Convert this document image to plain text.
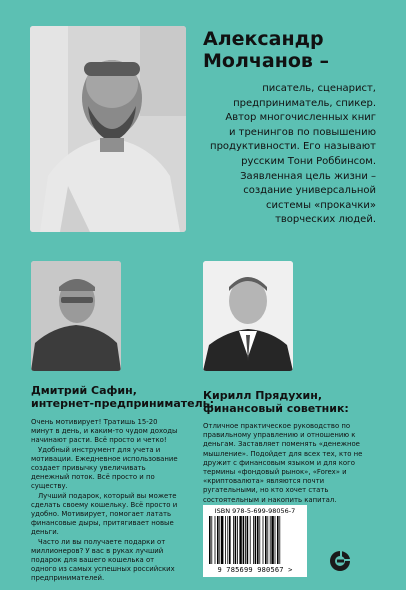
Александр
Молчанов –

писатель, сценарист,
предприниматель, спикер.
Автор многочисленных книг
и тренингов по повышению
продуктивности. Его называют
русским Тони Роббинсом.
Заявленная цель жизни –
создание универсальной
системы «прокачки»
творческих людей.

Дмитрий Сафин,
интернет-предприниматель:

Очень мотивирует! Тратишь 15-20 минут в день, и каким-то чудом доходы начинают расти. Всё просто и четко!

Удобный инструмент для учета и мотивации. Ежедневное использование создает привычку увеличивать денежный поток. Всё просто и по существу.

Лучший подарок, который вы можете сделать своему кошельку. Всё просто и удобно. Мотивирует, помогает латать финансовые дыры, притягивает новые деньги.

Часто ли вы получаете подарки от миллионеров? У вас в руках лучший подарок для вашего кошелька от одного из самых успешных российских предпринимателей.

Кирилл Прядухин,
финансовый советник:

Отличное практическое руководство по правильному управлению и отношению к деньгам. Заставляет поменять «денежное мышление». Подойдет для всех тех, кто не дружит с финансовым языком и для кого термины «фондовый рынок», «Forex» и «криптовалюта» являются почти ругательными, но кто хочет стать состоятельным и накопить капитал.

ISBN 978-5-699-98056-7
9 785699 980567 >
